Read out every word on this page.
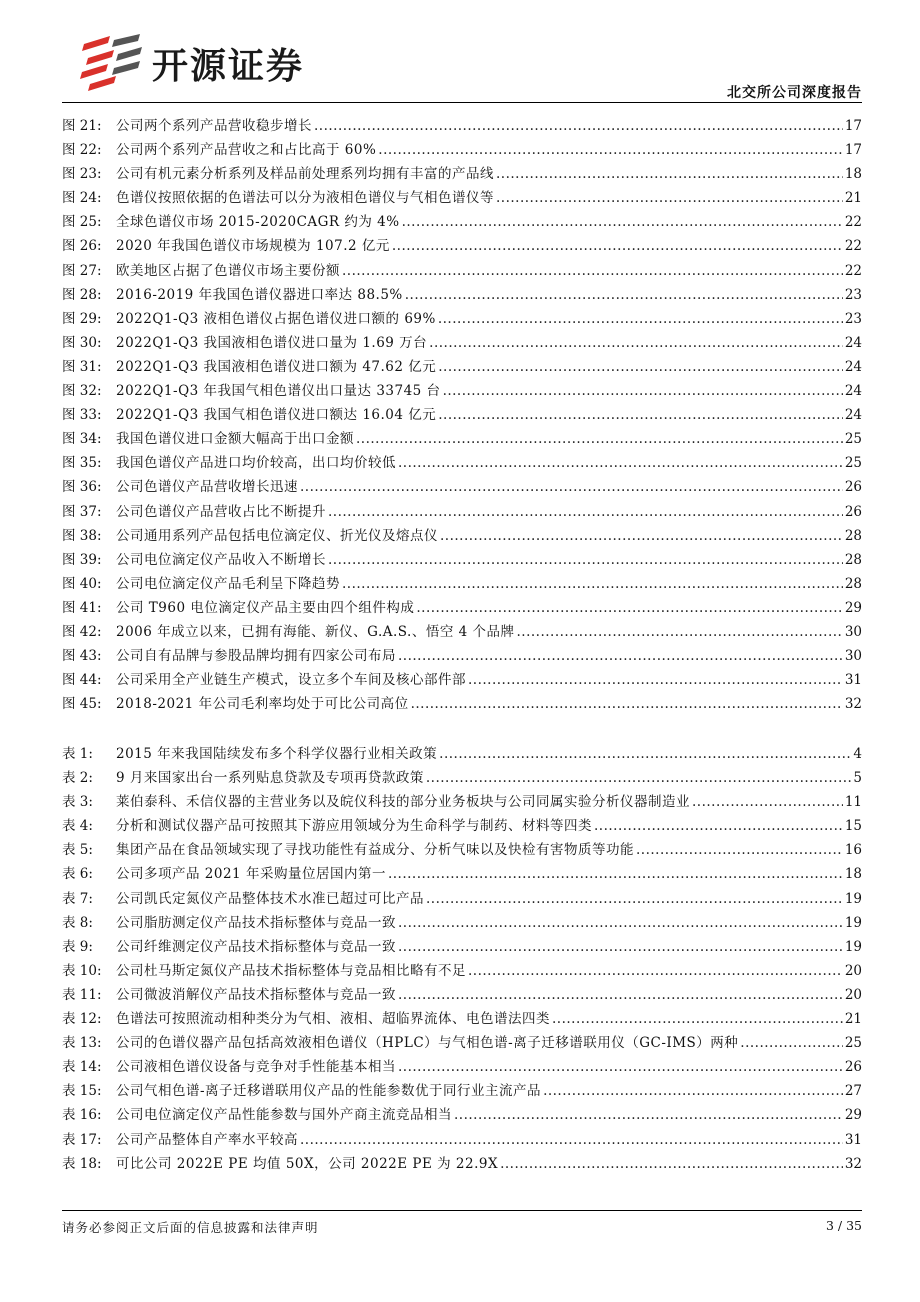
开源证券
北交所公司深度报告
图 21:	公司两个系列产品营收稳步增长 .....	17
图 22:	公司两个系列产品营收之和占比高于 60% .....	17
图 23:	公司有机元素分析系列及样品前处理系列均拥有丰富的产品线 .....	18
图 24:	色谱仪按照依据的色谱法可以分为液相色谱仪与气相色谱仪等 .....	21
图 25:	全球色谱仪市场 2015-2020CAGR 约为 4% .....	22
图 26:	2020 年我国色谱仪市场规模为 107.2 亿元 .....	22
图 27:	欧美地区占据了色谱仪市场主要份额 .....	22
图 28:	2016-2019 年我国色谱仪器进口率达 88.5% .....	23
图 29:	2022Q1-Q3 液相色谱仪占据色谱仪进口额的 69% .....	23
图 30:	2022Q1-Q3 我国液相色谱仪进口量为 1.69 万台 .....	24
图 31:	2022Q1-Q3 我国液相色谱仪进口额为 47.62 亿元 .....	24
图 32:	2022Q1-Q3 年我国气相色谱仪出口量达 33745 台 .....	24
图 33:	2022Q1-Q3 我国气相色谱仪进口额达 16.04 亿元 .....	24
图 34:	我国色谱仪进口金额大幅高于出口金额 .....	25
图 35:	我国色谱仪产品进口均价较高，出口均价较低 .....	25
图 36:	公司色谱仪产品营收增长迅速 .....	26
图 37:	公司色谱仪产品营收占比不断提升 .....	26
图 38:	公司通用系列产品包括电位滴定仪、折光仪及熔点仪 .....	28
图 39:	公司电位滴定仪产品收入不断增长 .....	28
图 40:	公司电位滴定仪产品毛利呈下降趋势 .....	28
图 41:	公司 T960 电位滴定仪产品主要由四个组件构成 .....	29
图 42:	2006 年成立以来，已拥有海能、新仪、G.A.S.、悟空 4 个品牌 .....	30
图 43:	公司自有品牌与参股品牌均拥有四家公司布局 .....	30
图 44:	公司采用全产业链生产模式，设立多个车间及核心部件部 .....	31
图 45:	2018-2021 年公司毛利率均处于可比公司高位 .....	32
表 1:	2015 年来我国陆续发布多个科学仪器行业相关政策 .....	4
表 2:	9 月来国家出台一系列贴息贷款及专项再贷款政策 .....	5
表 3:	莱伯泰科、禾信仪器的主营业务以及皖仪科技的部分业务板块与公司同属实验分析仪器制造业 .....	11
表 4:	分析和测试仪器产品可按照其下游应用领域分为生命科学与制药、材料等四类 .....	15
表 5:	集团产品在食品领域实现了寻找功能性有益成分、分析气味以及快检有害物质等功能 .....	16
表 6:	公司多项产品 2021 年采购量位居国内第一 .....	18
表 7:	公司凯氏定氮仪产品整体技术水准已超过可比产品 .....	19
表 8:	公司脂肪测定仪产品技术指标整体与竞品一致 .....	19
表 9:	公司纤维测定仪产品技术指标整体与竞品一致 .....	19
表 10:	公司杜马斯定氮仪产品技术指标整体与竞品相比略有不足 .....	20
表 11:	公司微波消解仪产品技术指标整体与竞品一致 .....	20
表 12:	色谱法可按照流动相种类分为气相、液相、超临界流体、电色谱法四类 .....	21
表 13:	公司的色谱仪器产品包括高效液相色谱仪（HPLC）与气相色谱-离子迁移谱联用仪（GC-IMS）两种 .....	25
表 14:	公司液相色谱仪设备与竞争对手性能基本相当 .....	26
表 15:	公司气相色谱-离子迁移谱联用仪产品的性能参数优于同行业主流产品 .....	27
表 16:	公司电位滴定仪产品性能参数与国外产商主流竞品相当 .....	29
表 17:	公司产品整体自产率水平较高 .....	31
表 18:	可比公司 2022E PE 均值 50X，公司 2022E PE 为 22.9X .....	32
请务必参阅正文后面的信息披露和法律声明	3 / 35
